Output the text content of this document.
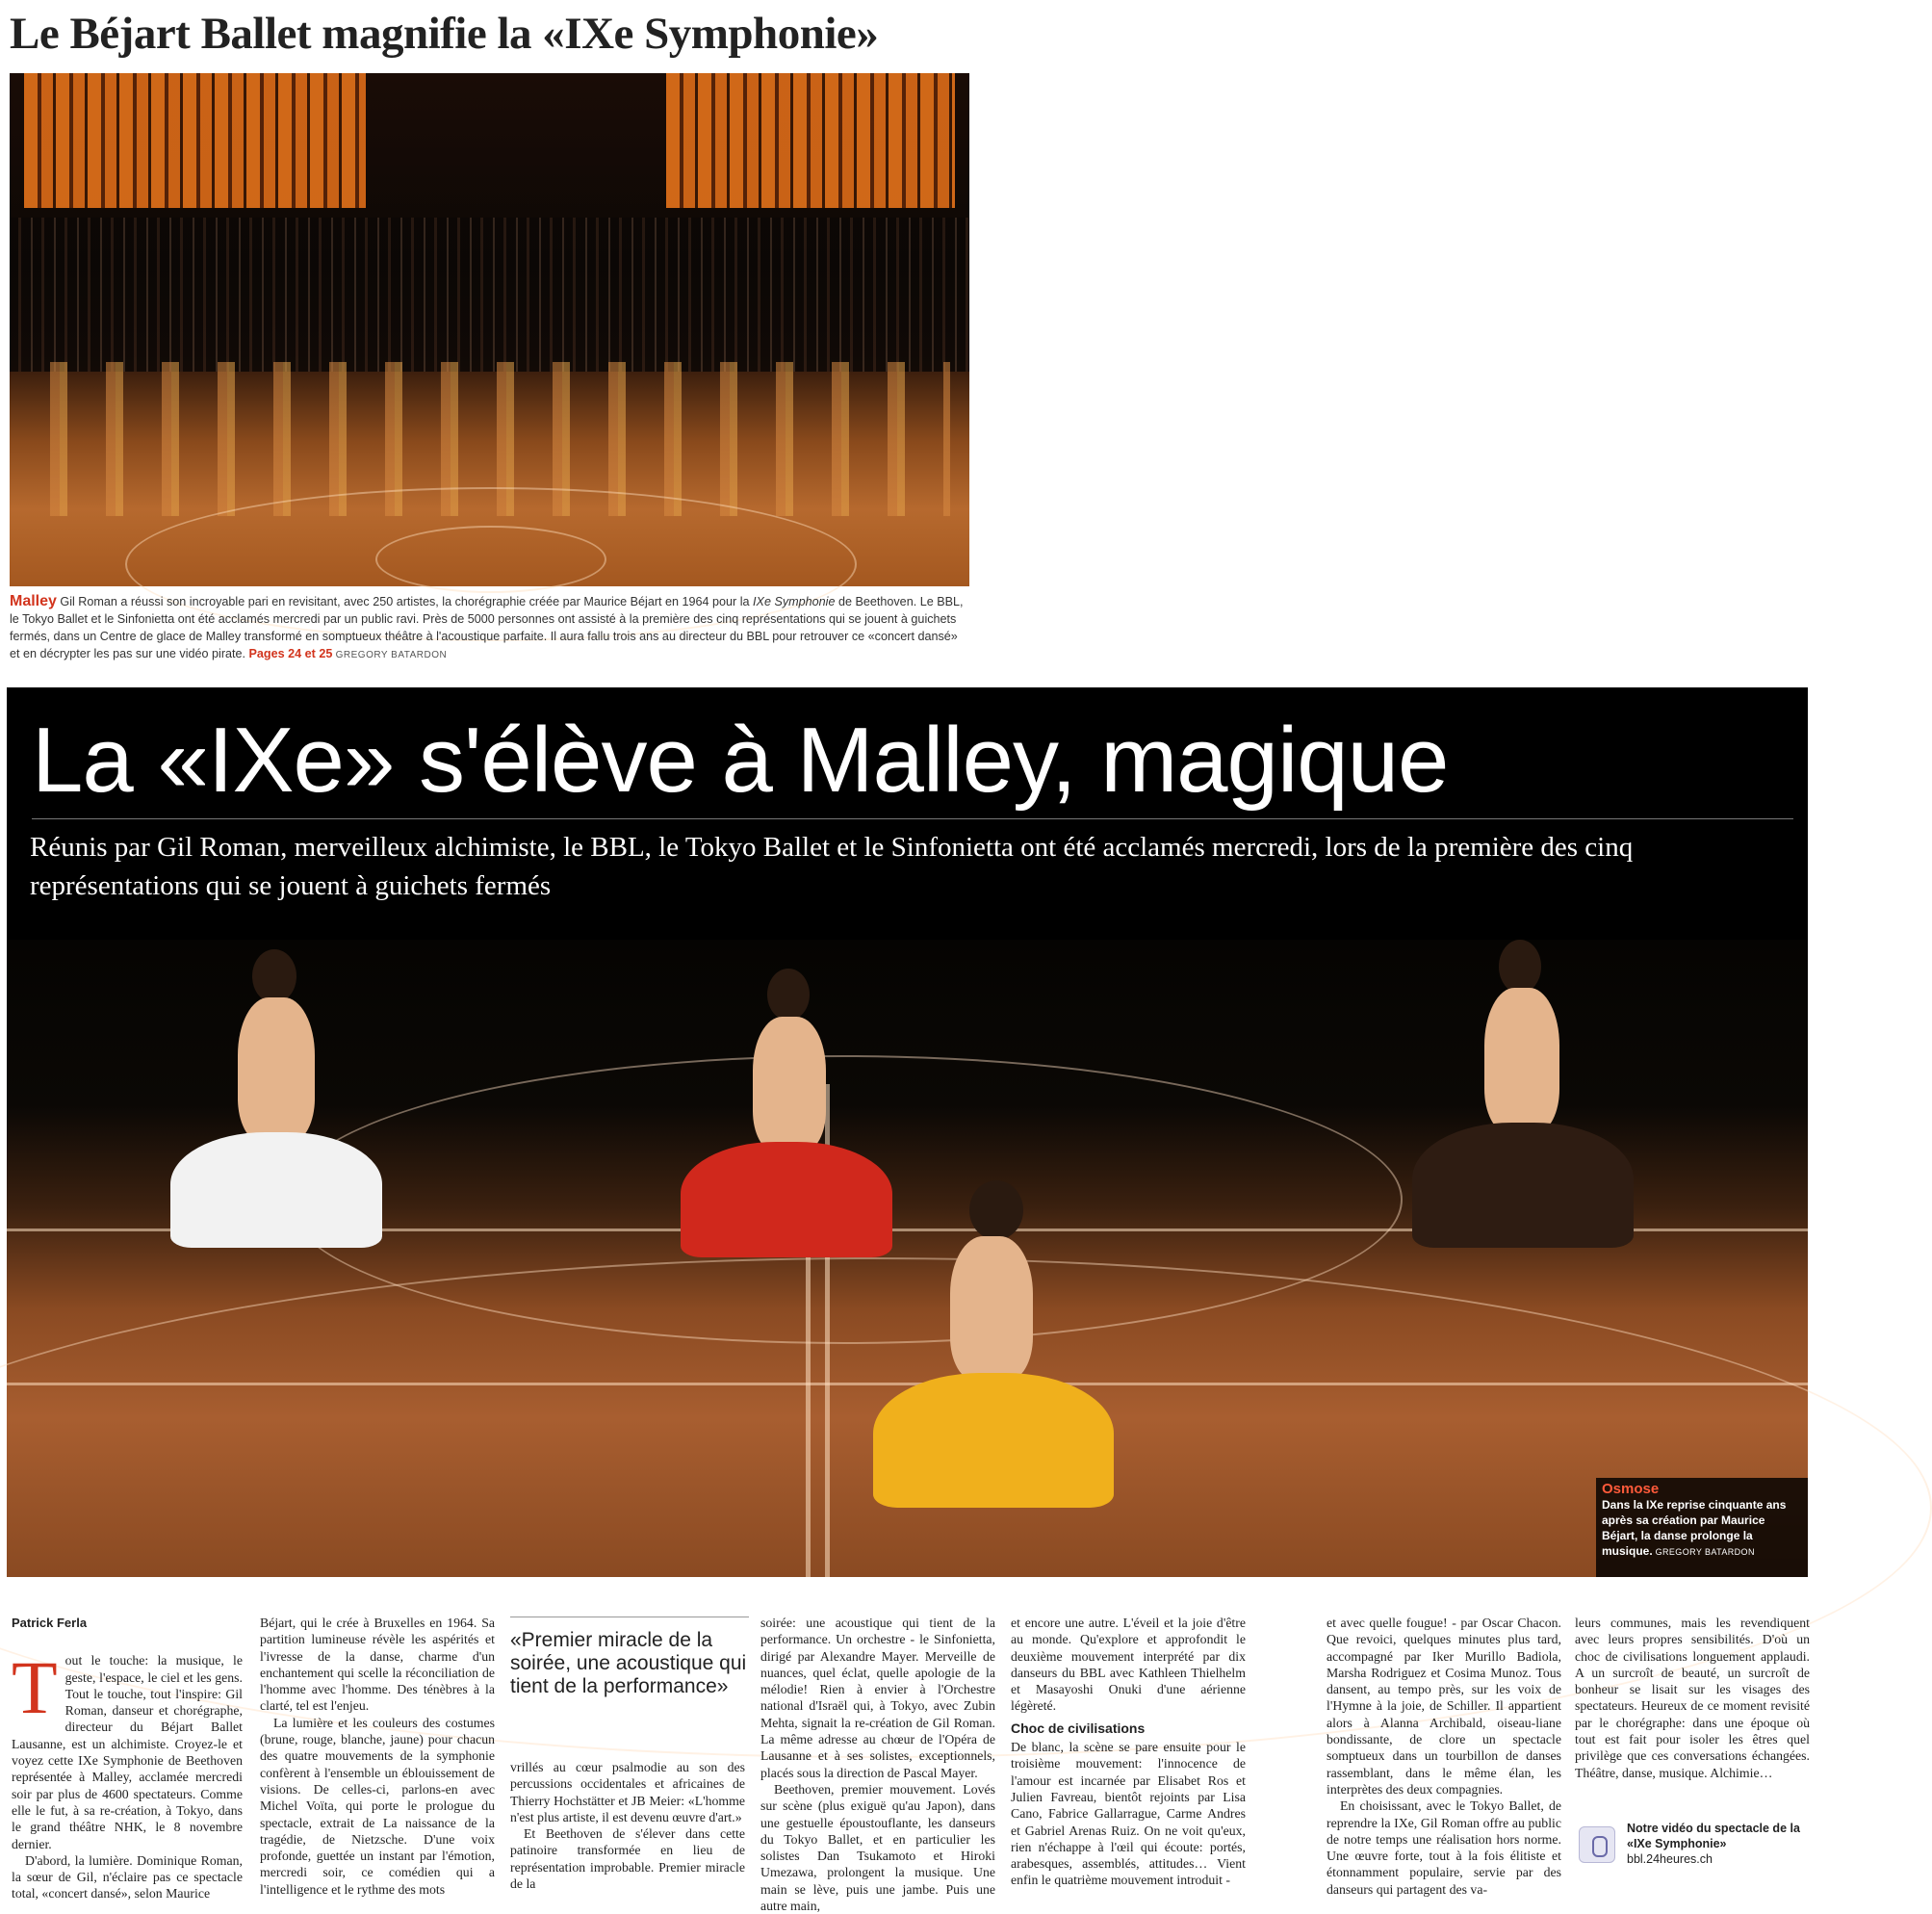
Le Béjart Ballet magnifie la «IXe Symphonie»
Malley Gil Roman a réussi son incroyable pari en revisitant, avec 250 artistes, la chorégraphie créée par Maurice Béjart en 1964 pour la IXe Symphonie de Beethoven. Le BBL, le Tokyo Ballet et le Sinfonietta ont été acclamés mercredi par un public ravi. Près de 5000 personnes ont assisté à la première des cinq représentations qui se jouent à guichets fermés, dans un Centre de glace de Malley transformé en somptueux théâtre à l'acoustique parfaite. Il aura fallu trois ans au directeur du BBL pour retrouver ce «concert dansé» et en décrypter les pas sur une vidéo pirate. Pages 24 et 25 GREGORY BATARDON
La «IXe» s'élève à Malley, magique

Réunis par Gil Roman, merveilleux alchimiste, le BBL, le Tokyo Ballet et le Sinfonietta ont été acclamés mercredi, lors de la première des cinq représentations qui se jouent à guichets fermés

Osmose
Dans la IXe reprise cinquante ans après sa création par Maurice Béjart, la danse prolonge la musique. GREGORY BATARDON
Patrick Ferla
T out le touche: la musique, le geste, l'espace, le ciel et les gens. Tout le touche, tout l'inspire: Gil Roman, danseur et chorégraphe, directeur du Béjart Ballet Lausanne, est un alchimiste. Croyez-le et voyez cette IXe Symphonie de Beethoven représentée à Malley, acclamée mercredi soir par plus de 4600 spectateurs. Comme elle le fut, à sa re-création, à Tokyo, dans le grand théâtre NHK, le 8 novembre dernier.

D'abord, la lumière. Dominique Roman, la sœur de Gil, n'éclaire pas ce spectacle total, «concert dansé», selon Maurice

Béjart, qui le crée à Bruxelles en 1964. Sa partition lumineuse révèle les aspérités et l'ivresse de la danse, charme d'un enchantement qui scelle la réconciliation de l'homme avec l'homme. Des ténèbres à la clarté, tel est l'enjeu.

La lumière et les couleurs des costumes (brune, rouge, blanche, jaune) pour chacun des quatre mouvements de la symphonie confèrent à l'ensemble un éblouissement de visions. De celles-ci, parlons-en avec Michel Voïta, qui porte le prologue du spectacle, extrait de La naissance de la tragédie, de Nietzsche. D'une voix profonde, guettée un instant par l'émotion, mercredi soir, ce comédien qui a l'intelligence et le rythme des mots

«Premier miracle de la soirée, une acoustique qui tient de la performance»

vrillés au cœur psalmodie au son des percussions occidentales et africaines de Thierry Hochstätter et JB Meier: «L'homme n'est plus artiste, il est devenu œuvre d'art.»

Et Beethoven de s'élever dans cette patinoire transformée en lieu de représentation improbable. Premier miracle de la

soirée: une acoustique qui tient de la performance. Un orchestre - le Sinfonietta, dirigé par Alexandre Mayer. Merveille de nuances, quel éclat, quelle apologie de la mélodie! Rien à envier à l'Orchestre national d'Israël qui, à Tokyo, avec Zubin Mehta, signait la re-création de Gil Roman. La même adresse au chœur de l'Opéra de Lausanne et à ses solistes, exceptionnels, placés sous la direction de Pascal Mayer.

Beethoven, premier mouvement. Lovés sur scène (plus exiguë qu'au Japon), dans une gestuelle époustouflante, les danseurs du Tokyo Ballet, et en particulier les solistes Dan Tsukamoto et Hiroki Umezawa, prolongent la musique. Une main se lève, puis une jambe. Puis une autre main,

et encore une autre. L'éveil et la joie d'être au monde. Qu'explore et approfondit le deuxième mouvement interprété par dix danseurs du BBL avec Kathleen Thielhelm et Masayoshi Onuki d'une aérienne légèreté.

Choc de civilisations

De blanc, la scène se pare ensuite pour le troisième mouvement: l'innocence de l'amour est incarnée par Elisabet Ros et Julien Favreau, bientôt rejoints par Lisa Cano, Fabrice Gallarrague, Carme Andres et Gabriel Arenas Ruiz. On ne voit qu'eux, rien n'échappe à l'œil qui écoute: portés, arabesques, assemblés, attitudes… Vient enfin le quatrième mouvement introduit -

et avec quelle fougue! - par Oscar Chacon. Que revoici, quelques minutes plus tard, accompagné par Iker Murillo Badiola, Marsha Rodriguez et Cosima Munoz. Tous dansent, au tempo près, sur les voix de l'Hymne à la joie, de Schiller. Il appartient alors à Alanna Archibald, oiseau-liane bondissante, de clore un spectacle somptueux dans un tourbillon de danses rassemblant, dans le même élan, les interprètes des deux compagnies.

En choisissant, avec le Tokyo Ballet, de reprendre la IXe, Gil Roman offre au public de notre temps une réalisation hors norme. Une œuvre forte, tout à la fois élitiste et étonnamment populaire, servie par des danseurs qui partagent des va-

leurs communes, mais les revendiquent avec leurs propres sensibilités. D'où un choc de civilisations longuement applaudi. A un surcroît de beauté, un surcroît de bonheur se lisait sur les visages des spectateurs. Heureux de ce moment revisité par le chorégraphe: dans une époque où tout est fait pour isoler les êtres quel privilège que ces conversations échangées. Théâtre, danse, musique. Alchimie…

Notre vidéo du spectacle de la «IXe Symphonie»
bbl.24heures.ch
